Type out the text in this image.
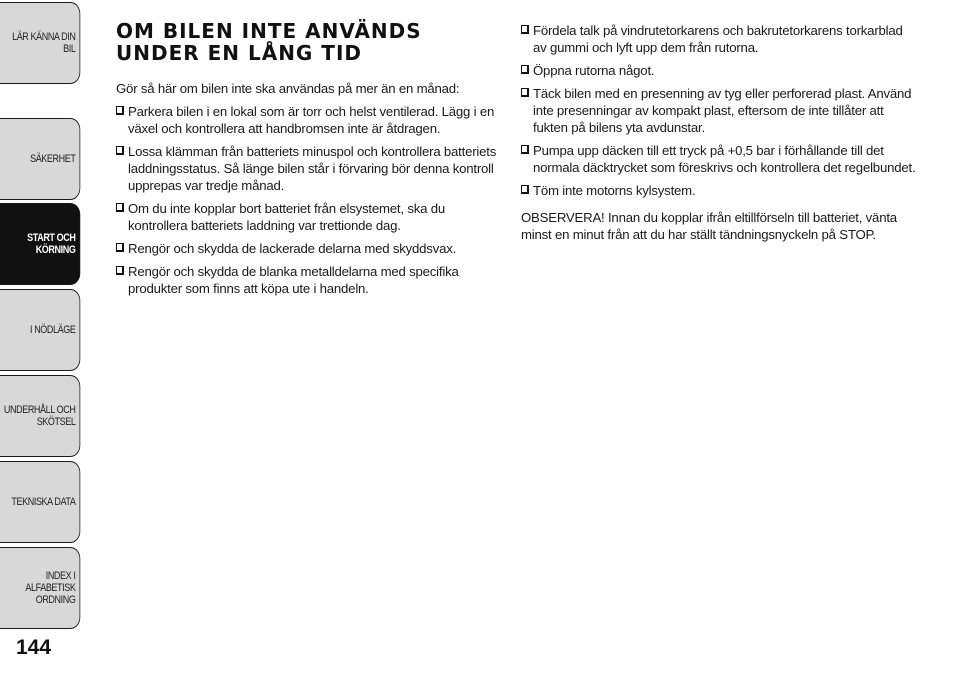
LÄR KÄNNA DIN BIL
SÄKERHET
START OCH
KÖRNING
I NÖDLÄGE
UNDERHÅLL OCH
SKÖTSEL
TEKNISKA DATA
INDEX I ALFABETISK
ORDNING
144
OM BILEN INTE ANVÄNDS
UNDER EN LÅNG TID

Gör så här om bilen inte ska användas på mer än en månad:

Parkera bilen i en lokal som är torr och helst ventilerad. Lägg i en växel och kontrollera att handbromsen inte är åtdragen.
Lossa klämman från batteriets minuspol och kontrollera batteriets laddningsstatus. Så länge bilen står i förvaring bör denna kontroll upprepas var tredje månad.
Om du inte kopplar bort batteriet från elsystemet, ska du kontrollera batteriets laddning var trettionde dag.
Rengör och skydda de lackerade delarna med skyddsvax.
Rengör och skydda de blanka metalldelarna med specifika produkter som finns att köpa ute i handeln.
Fördela talk på vindrutetorkarens och bakrutetorkarens torkarblad av gummi och lyft upp dem från rutorna.
Öppna rutorna något.
Täck bilen med en presenning av tyg eller perforerad plast. Använd inte presenningar av kompakt plast, eftersom de inte tillåter att fukten på bilens yta avdunstar.
Pumpa upp däcken till ett tryck på +0,5 bar i förhållande till det normala däcktrycket som föreskrivs och kontrollera det regelbundet.
Töm inte motorns kylsystem.

OBSERVERA! Innan du kopplar ifrån eltillförseln till batteriet, vänta minst en minut från att du har ställt tändningsnyckeln på STOP.
